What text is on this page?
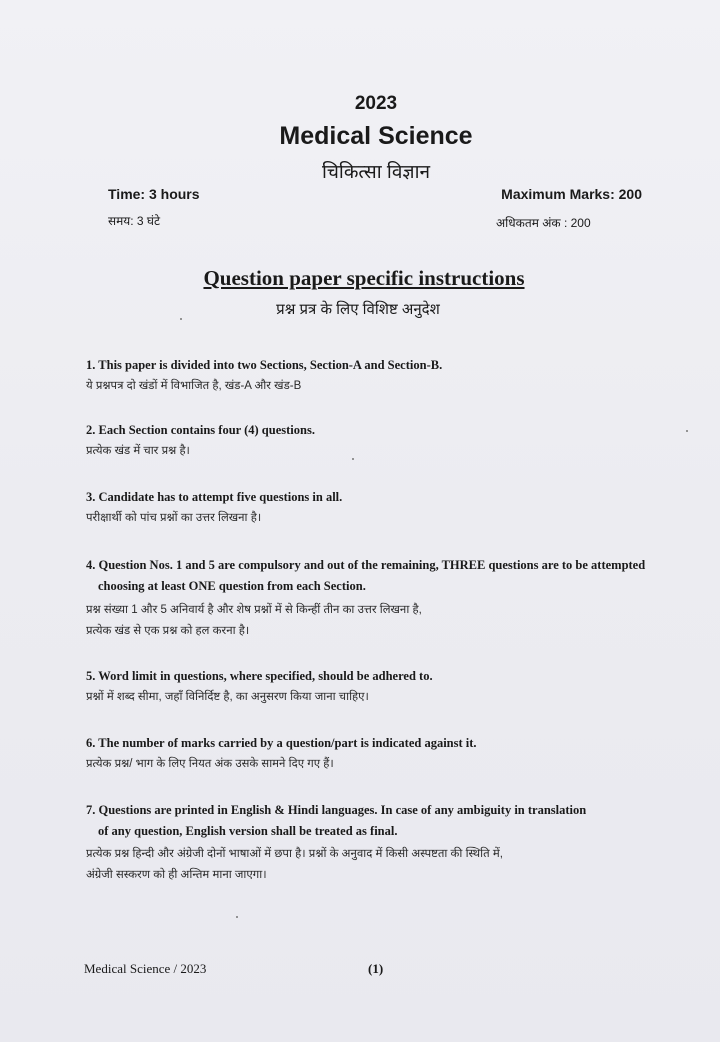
2023
Medical Science
चिकित्सा विज्ञान
Time: 3 hours
समय: 3 घंटे
Maximum Marks: 200
अधिकतम अंक : 200
Question paper specific instructions
प्रश्न प्रत्र के लिए विशिष्ट अनुदेश
1. This paper is divided into two Sections, Section-A and Section-B.
ये प्रश्नपत्र दो खंडों में विभाजित है, खंड-A और खंड-B
2. Each Section contains four (4) questions.
प्रत्येक खंड में चार प्रश्न है।
3. Candidate has to attempt five questions in all.
परीक्षार्थी को पांच प्रश्नों का उत्तर लिखना है।
4. Question Nos. 1 and 5 are compulsory and out of the remaining, THREE questions are to be attempted
choosing at least ONE question from each Section.
प्रश्न संख्या 1 और 5 अनिवार्य है और शेष प्रश्नों में से किन्हीं तीन का उत्तर लिखना है,
प्रत्येक खंड से एक प्रश्न को हल करना है।
5. Word limit in questions, where specified, should be adhered to.
प्रश्नों में शब्द सीमा, जहाँ विनिर्दिष्ट है, का अनुसरण किया जाना चाहिए।
6. The number of marks carried by a question/part is indicated against it.
प्रत्येक प्रश्न/ भाग के लिए नियत अंक उसके सामने दिए गए हैं।
7. Questions are printed in English & Hindi languages. In case of any ambiguity in translation
of any question, English version shall be treated as final.
प्रत्येक प्रश्न हिन्दी और अंग्रेजी दोनों भाषाओं में छपा है। प्रश्नों के अनुवाद में किसी अस्पष्टता की स्थिति में,
अंग्रेजी सस्करण को ही अन्तिम माना जाएगा।
Medical Science / 2023	(1)
